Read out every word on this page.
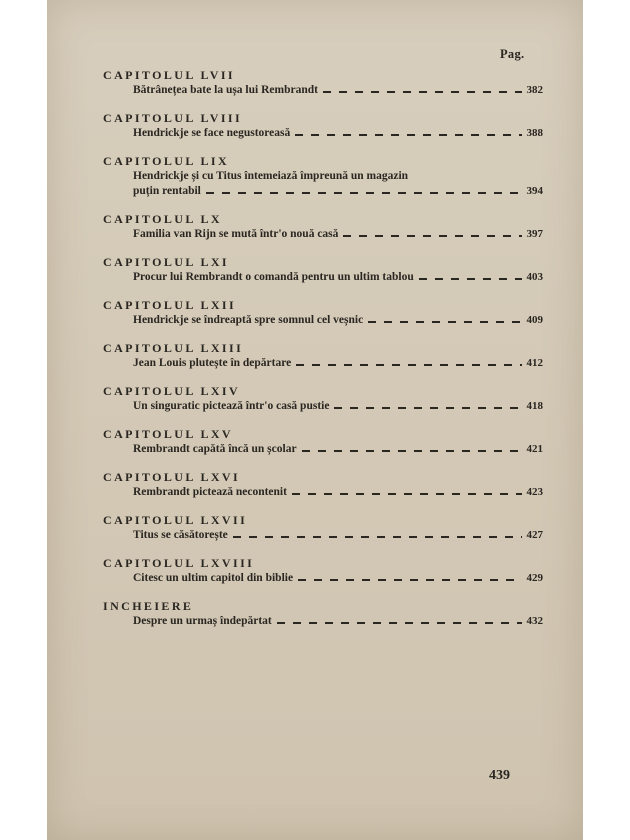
Pag.
CAPITOLUL LVII
Bătrânețea bate la ușa lui Rembrandt	382
CAPITOLUL LVIII
Hendrickje se face negustoreasă	388
CAPITOLUL LIX
Hendrickje și cu Titus întemeiază împreună un magazin
puțin rentabil	394
CAPITOLUL LX
Familia van Rijn se mută într'o nouă casă	397
CAPITOLUL LXI
Procur lui Rembrandt o comandă pentru un ultim tablou	403
CAPITOLUL LXII
Hendrickje se îndreaptă spre somnul cel veșnic	409
CAPITOLUL LXIII
Jean Louis plutește în depărtare	412
CAPITOLUL LXIV
Un singuratic pictează într'o casă pustie	418
CAPITOLUL LXV
Rembrandt capătă încă un școlar	421
CAPITOLUL LXVI
Rembrandt pictează necontenit	423
CAPITOLUL LXVII
Titus se căsătorește	427
CAPITOLUL LXVIII
Citesc un ultim capitol din biblie	429
INCHEIERE
Despre un urmaș îndepărtat	432
439
